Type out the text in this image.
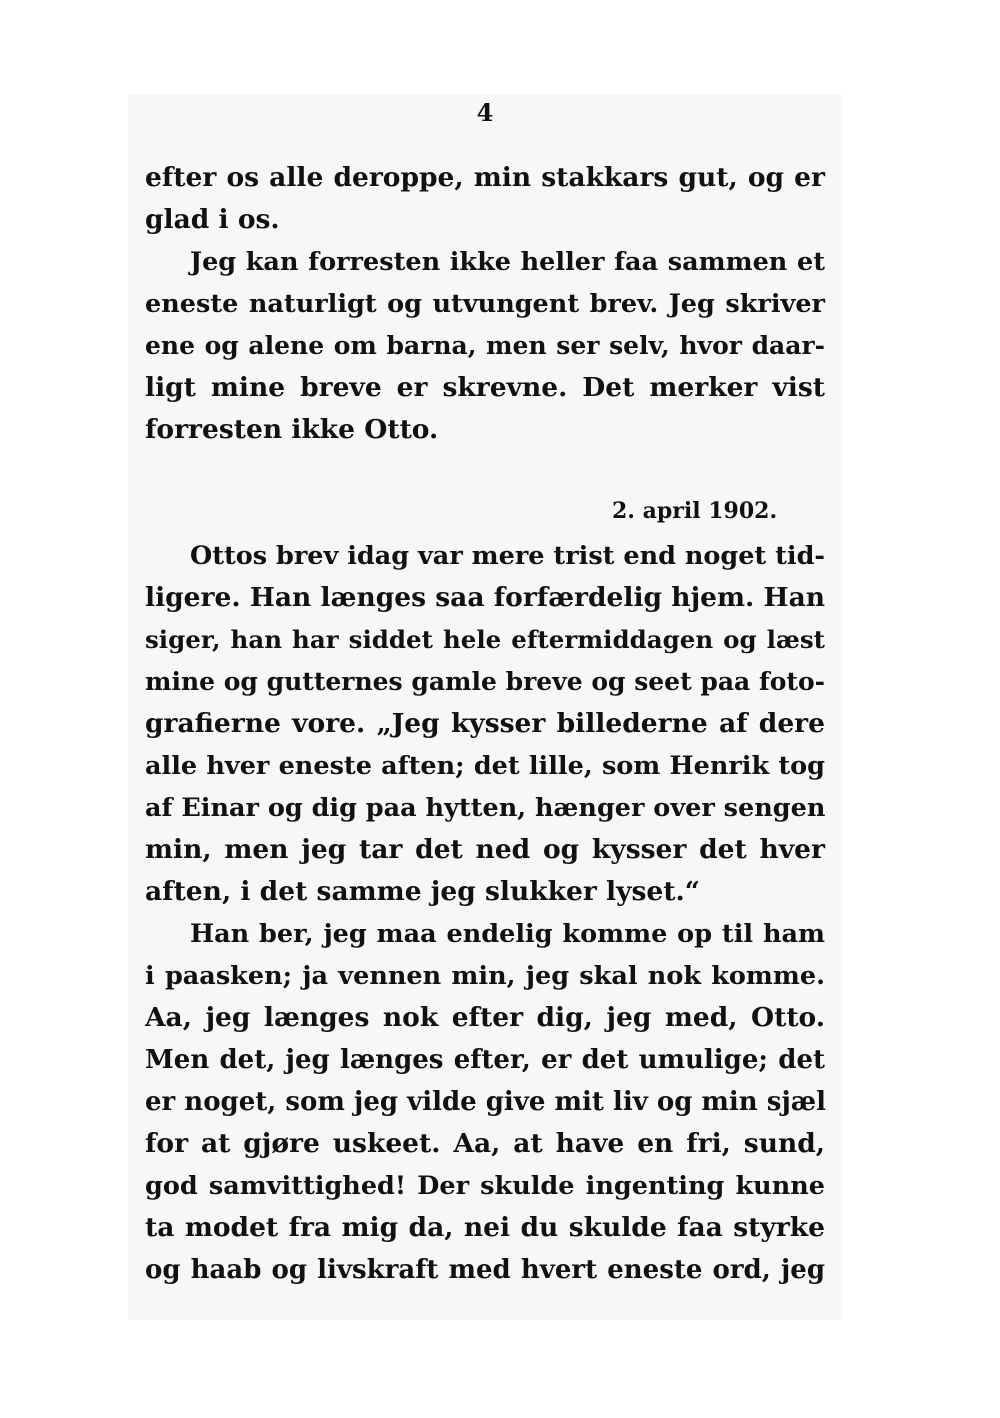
4
efter os alle deroppe, min stakkars gut, og er
glad i os.
Jeg kan forresten ikke heller faa sammen et
eneste naturligt og utvungent brev. Jeg skriver
ene og alene om barna, men ser selv, hvor daar-
ligt mine breve er skrevne. Det merker vist
forresten ikke Otto.
2. april 1902.
Ottos brev idag var mere trist end noget tid-
ligere. Han længes saa forfærdelig hjem. Han
siger, han har siddet hele eftermiddagen og læst
mine og gutternes gamle breve og seet paa foto-
grafierne vore. „Jeg kysser billederne af dere
alle hver eneste aften; det lille, som Henrik tog
af Einar og dig paa hytten, hænger over sengen
min, men jeg tar det ned og kysser det hver
aften, i det samme jeg slukker lyset.“
Han ber, jeg maa endelig komme op til ham
i paasken; ja vennen min, jeg skal nok komme.
Aa, jeg længes nok efter dig, jeg med, Otto.
Men det, jeg længes efter, er det umulige; det
er noget, som jeg vilde give mit liv og min sjæl
for at gjøre uskeet. Aa, at have en fri, sund,
god samvittighed! Der skulde ingenting kunne
ta modet fra mig da, nei du skulde faa styrke
og haab og livskraft med hvert eneste ord, jeg
